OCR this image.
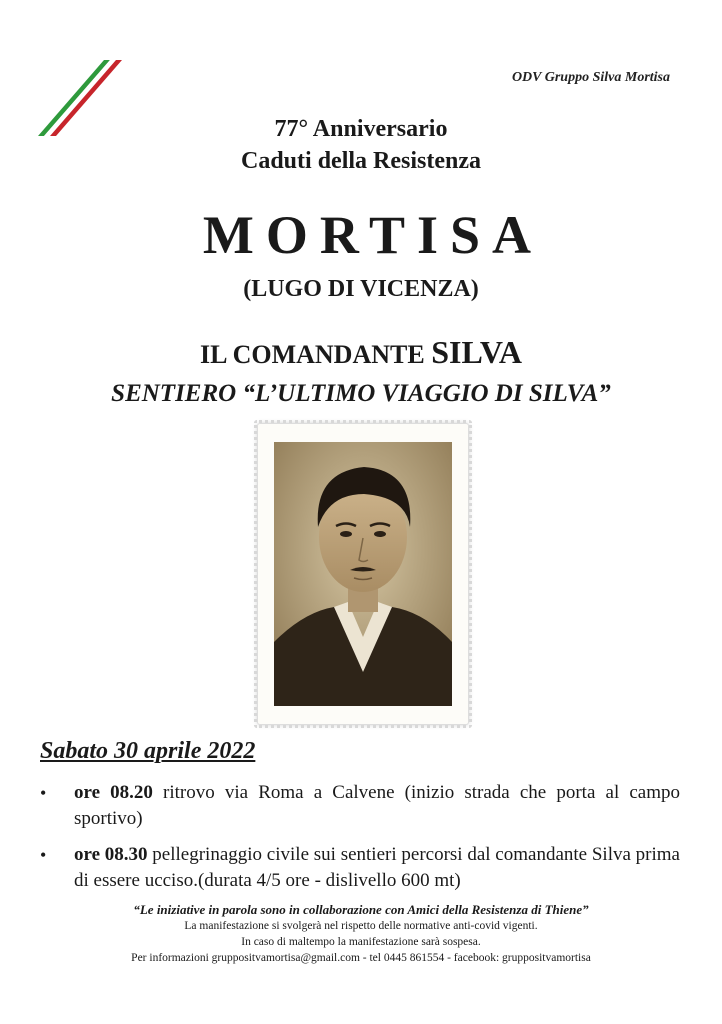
ODV Gruppo Silva Mortisa
77° Anniversario
Caduti della Resistenza
MORTISA
(LUGO DI VICENZA)
IL COMANDANTE SILVA
SENTIERO “L’ULTIMO VIAGGIO DI SILVA”
Sabato 30 aprile 2022
• ore 08.20 ritrovo via Roma a Calvene (inizio strada che porta al campo sportivo)
• ore 08.30 pellegrinaggio civile sui sentieri percorsi dal comandante Silva prima di essere ucciso.(durata 4/5 ore - dislivello 600 mt)
“Le iniziative in parola sono in collaborazione con Amici della Resistenza di Thiene”
La manifestazione si svolgerà nel rispetto delle normative anti-covid vigenti.
In caso di maltempo la manifestazione sarà sospesa.
Per informazioni gruppositvamortisa@gmail.com - tel 0445 861554 - facebook: gruppositvamortisa
